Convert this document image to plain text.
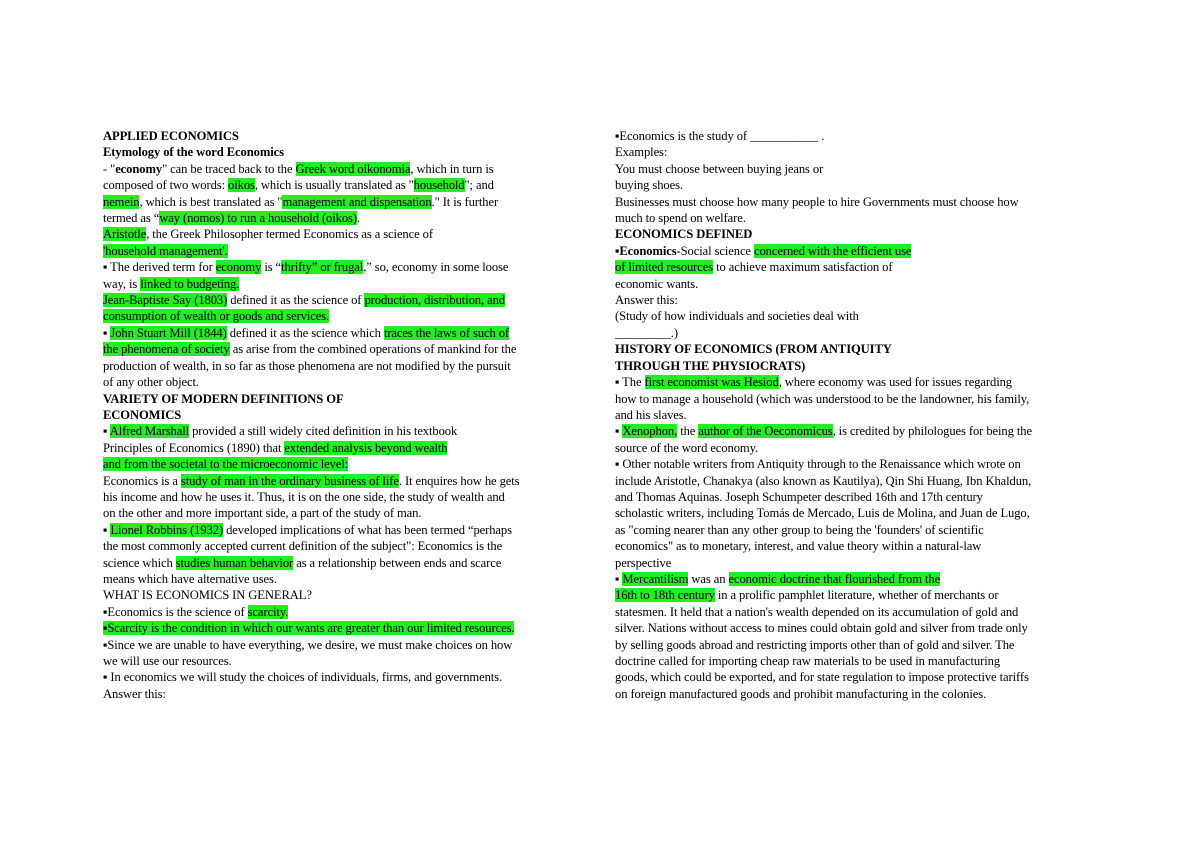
APPLIED ECONOMICS
Etymology of the word Economics
- "economy" can be traced back to the Greek word oikonomia, which in turn is
composed of two words: oikos, which is usually translated as "household"; and
nemein, which is best translated as "management and dispensation." It is further
termed as “way (nomos) to run a household (oikos).
Aristotle, the Greek Philosopher termed Economics as a science of
'household management'.
▪ The derived term for economy is “thrifty” or frugal,” so, economy in some loose
way, is linked to budgeting.
Jean-Baptiste Say (1803) defined it as the science of production, distribution, and
consumption of wealth or goods and services.
▪ John Stuart Mill (1844) defined it as the science which traces the laws of such of
the phenomena of society as arise from the combined operations of mankind for the
production of wealth, in so far as those phenomena are not modified by the pursuit
of any other object.
VARIETY OF MODERN DEFINITIONS OF
ECONOMICS
▪ Alfred Marshall provided a still widely cited definition in his textbook
Principles of Economics (1890) that extended analysis beyond wealth
and from the societal to the microeconomic level:
Economics is a study of man in the ordinary business of life. It enquires how he gets
his income and how he uses it. Thus, it is on the one side, the study of wealth and
on the other and more important side, a part of the study of man.
▪ Lionel Robbins (1932) developed implications of what has been termed “perhaps
the most commonly accepted current definition of the subject": Economics is the
science which studies human behavior as a relationship between ends and scarce
means which have alternative uses.
WHAT IS ECONOMICS IN GENERAL?
▪Economics is the science of scarcity.
▪Scarcity is the condition in which our wants are greater than our limited resources.
▪Since we are unable to have everything, we desire, we must make choices on how
we will use our resources.
▪ In economics we will study the choices of individuals, firms, and governments.
Answer this:
▪Economics is the study of ___________ .
Examples:
You must choose between buying jeans or
buying shoes.
Businesses must choose how many people to hire Governments must choose how
much to spend on welfare.
ECONOMICS DEFINED
▪Economics-Social science concerned with the efficient use
of limited resources to achieve maximum satisfaction of
economic wants.
Answer this:
(Study of how individuals and societies deal with
_________.)
HISTORY OF ECONOMICS (FROM ANTIQUITY
THROUGH THE PHYSIOCRATS)
▪ The first economist was Hesiod, where economy was used for issues regarding
how to manage a household (which was understood to be the landowner, his family,
and his slaves.
▪ Xenophon, the author of the Oeconomicus, is credited by philologues for being the
source of the word economy.
▪ Other notable writers from Antiquity through to the Renaissance which wrote on
include Aristotle, Chanakya (also known as Kautilya), Qin Shi Huang, Ibn Khaldun,
and Thomas Aquinas. Joseph Schumpeter described 16th and 17th century
scholastic writers, including Tomás de Mercado, Luis de Molina, and Juan de Lugo,
as "coming nearer than any other group to being the 'founders' of scientific
economics" as to monetary, interest, and value theory within a natural-law
perspective
▪ Mercantilism was an economic doctrine that flourished from the
16th to 18th century in a prolific pamphlet literature, whether of merchants or
statesmen. It held that a nation's wealth depended on its accumulation of gold and
silver. Nations without access to mines could obtain gold and silver from trade only
by selling goods abroad and restricting imports other than of gold and silver. The
doctrine called for importing cheap raw materials to be used in manufacturing
goods, which could be exported, and for state regulation to impose protective tariffs
on foreign manufactured goods and prohibit manufacturing in the colonies.
